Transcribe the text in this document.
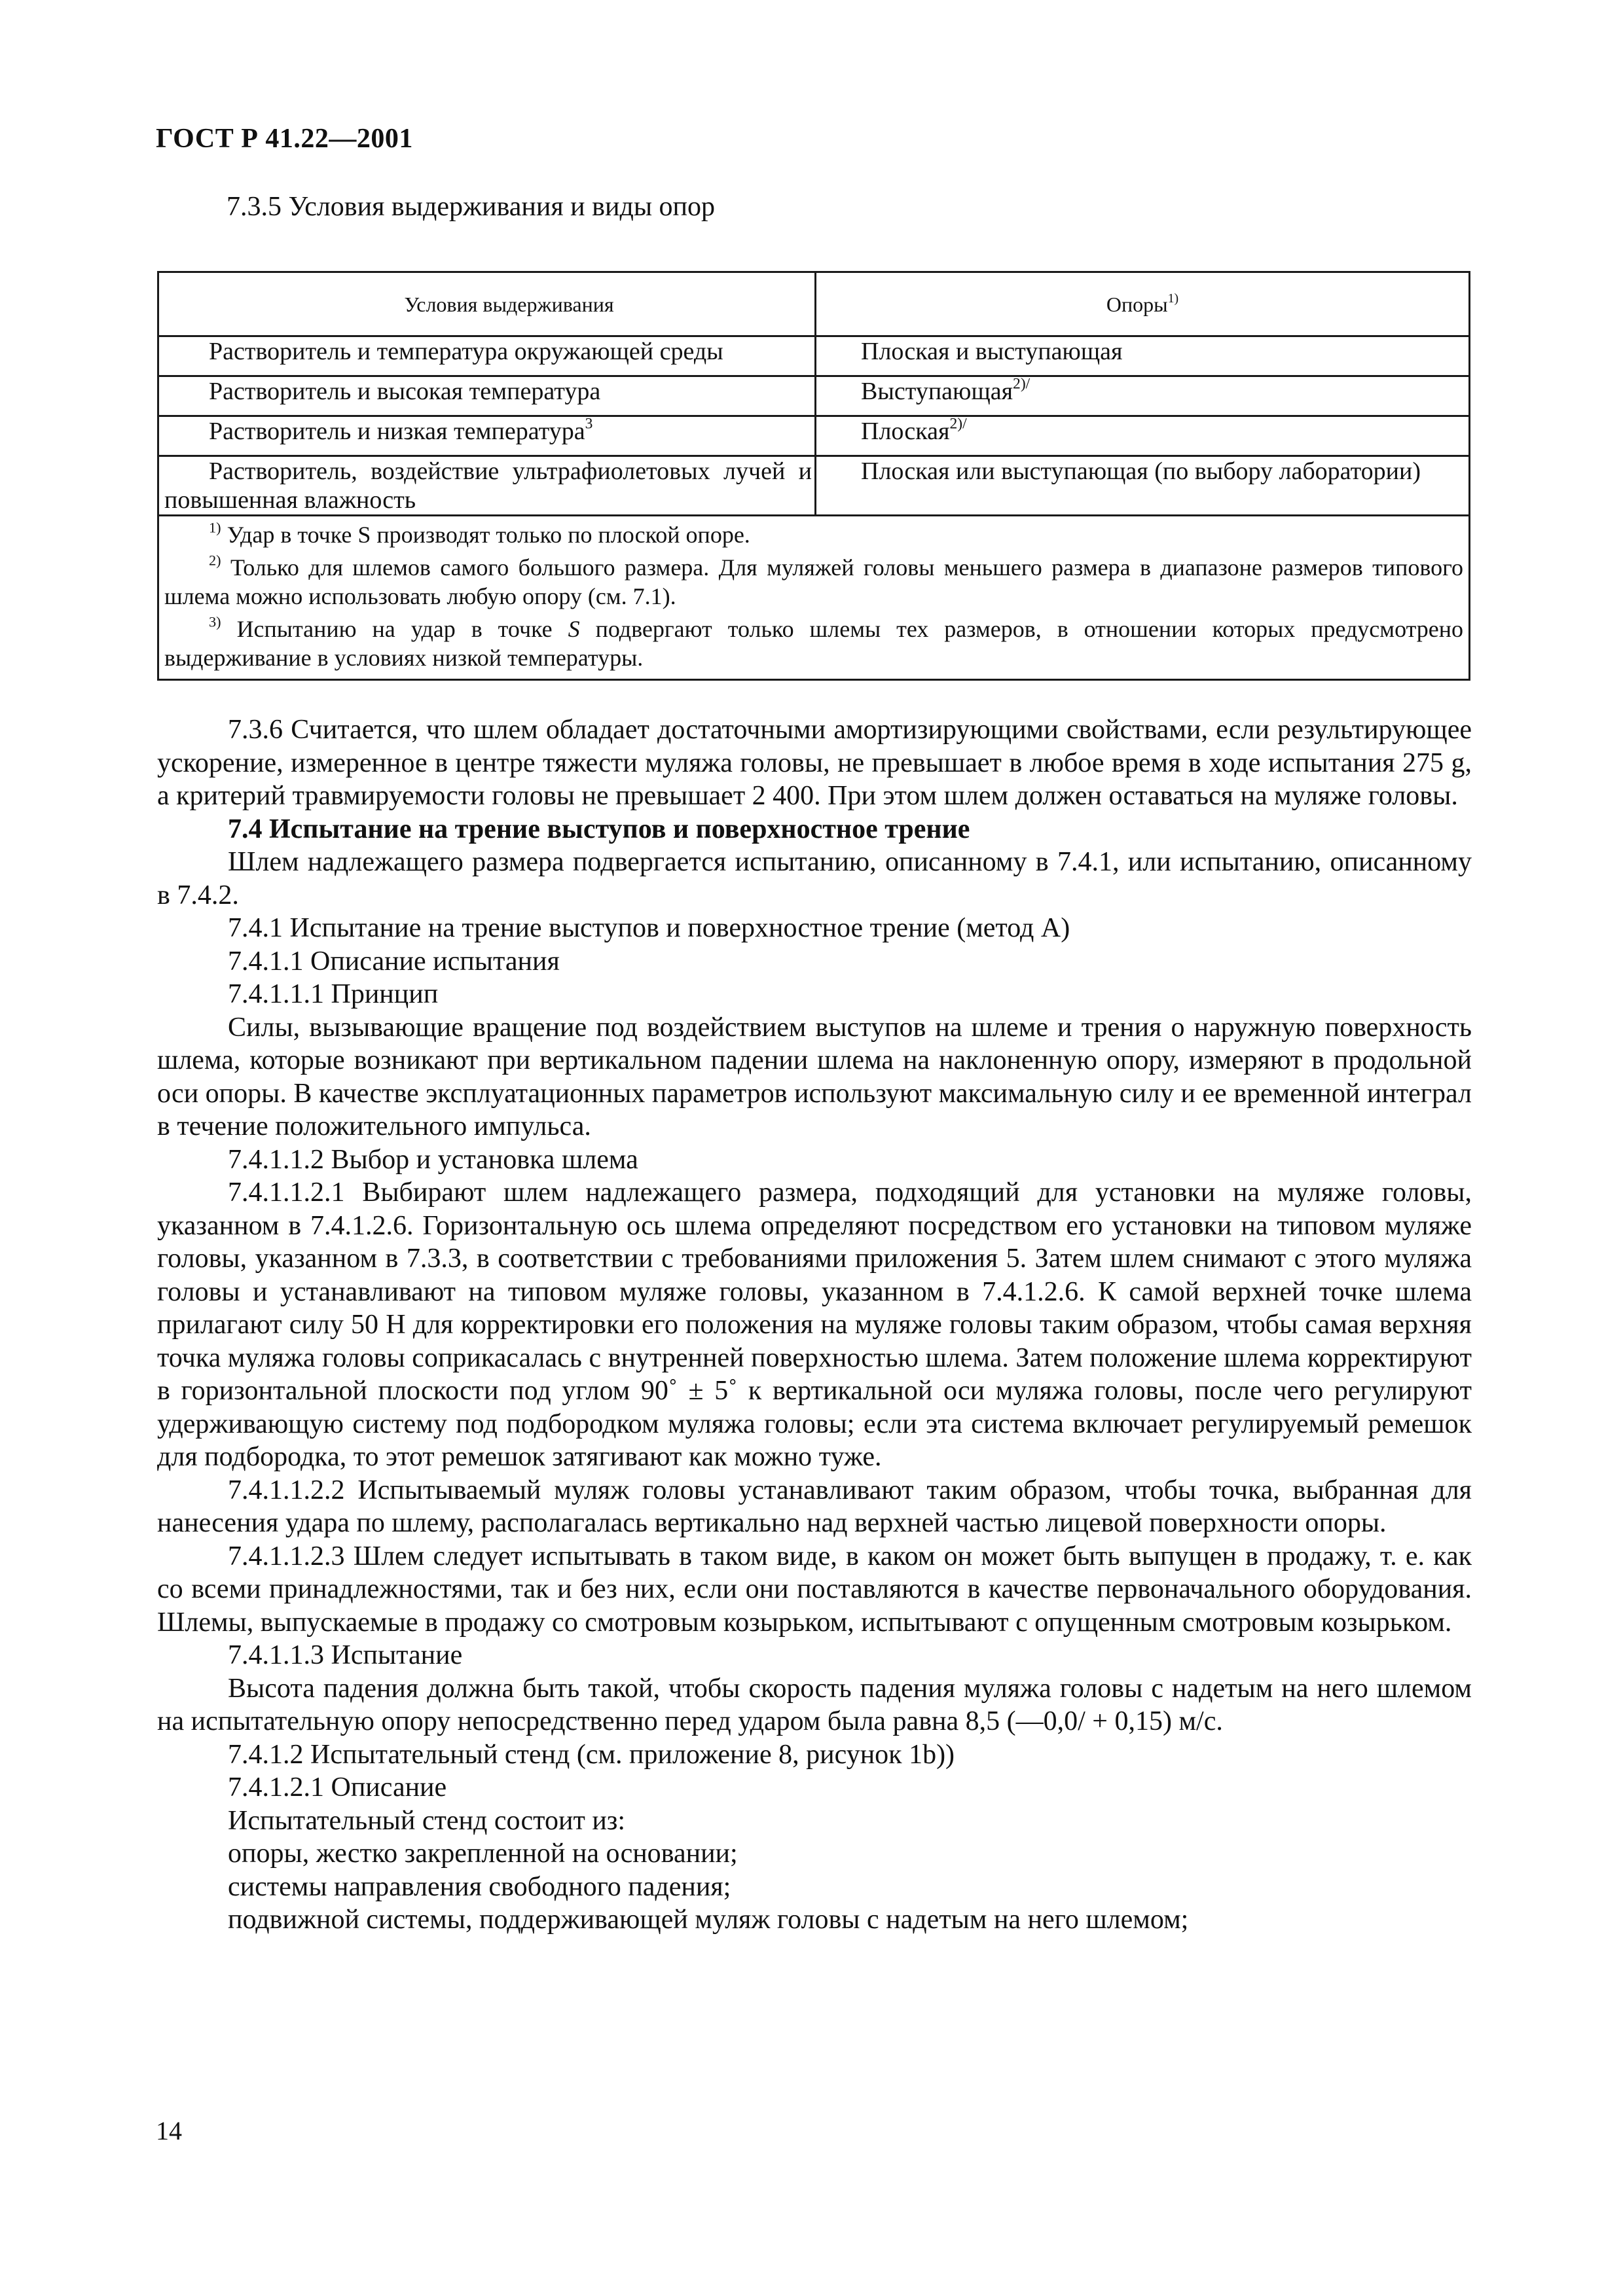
ГОСТ Р 41.22—2001
7.3.5 Условия выдерживания и виды опор
Условия выдерживания	Опоры$^{1)}$
Растворитель и температура окружающей среды	Плоская и выступающая
Растворитель и высокая температура	Выступающая$^{2)/}$
Растворитель и низкая температура$^3$	Плоская$^{2)/}$
Растворитель, воздействие ультрафиолетовых лучей и повышенная влажность	Плоская или выступающая (по выбору лаборатории)

$^{1)}$ Удар в точке S производят только по плоской опоре.

$^{2)}$ Только для шлемов самого большого размера. Для муляжей головы меньшего размера в диапазоне размеров типового шлема можно использовать любую опору (см. 7.1).

$^{3)}$ Испытанию на удар в точке S подвергают только шлемы тех размеров, в отношении которых предусмотрено выдерживание в условиях низкой температуры.	

7.3.6 Считается, что шлем обладает достаточными амортизирующими свойствами, если результирующее ускорение, измеренное в центре тяжести муляжа головы, не превышает в любое время в ходе испытания 275 g, а критерий травмируемости головы не превышает 2 400. При этом шлем должен оставаться на муляже головы.

7.4 Испытание на трение выступов и поверхностное трение

Шлем надлежащего размера подвергается испытанию, описанному в 7.4.1, или испытанию, описанному в 7.4.2.

7.4.1 Испытание на трение выступов и поверхностное трение (метод А)

7.4.1.1 Описание испытания

7.4.1.1.1 Принцип

Силы, вызывающие вращение под воздействием выступов на шлеме и трения о наружную поверхность шлема, которые возникают при вертикальном падении шлема на наклоненную опору, измеряют в продольной оси опоры. В качестве эксплуатационных параметров используют максимальную силу и ее временной интеграл в течение положительного импульса.

7.4.1.1.2 Выбор и установка шлема

7.4.1.1.2.1 Выбирают шлем надлежащего размера, подходящий для установки на муляже головы, указанном в 7.4.1.2.6. Горизонтальную ось шлема определяют посредством его установки на типовом муляже головы, указанном в 7.3.3, в соответствии с требованиями приложения 5. Затем шлем снимают с этого муляжа головы и устанавливают на типовом муляже головы, указанном в 7.4.1.2.6. К самой верхней точке шлема прилагают силу 50 Н для корректировки его положения на муляже головы таким образом, чтобы самая верхняя точка муляжа головы соприкасалась с внутренней поверхностью шлема. Затем положение шлема корректируют в горизонтальной плоскости под углом 90˚ ± 5˚ к вертикальной оси муляжа головы, после чего регулируют удерживающую систему под подбородком муляжа головы; если эта система включает регулируемый ремешок для подбородка, то этот ремешок затягивают как можно туже.

7.4.1.1.2.2 Испытываемый муляж головы устанавливают таким образом, чтобы точка, выбранная для нанесения удара по шлему, располагалась вертикально над верхней частью лицевой поверхности опоры.

7.4.1.1.2.3 Шлем следует испытывать в таком виде, в каком он может быть выпущен в продажу, т. е. как со всеми принадлежностями, так и без них, если они поставляются в качестве первоначального оборудования. Шлемы, выпускаемые в продажу со смотровым козырьком, испытывают с опущенным смотровым козырьком.

7.4.1.1.3 Испытание

Высота падения должна быть такой, чтобы скорость падения муляжа головы с надетым на него шлемом на испытательную опору непосредственно перед ударом была равна 8,5 (—0,0/ + 0,15) м/с.

7.4.1.2 Испытательный стенд (см. приложение 8, рисунок 1b))

7.4.1.2.1 Описание

Испытательный стенд состоит из:

опоры, жестко закрепленной на основании;

системы направления свободного падения;

подвижной системы, поддерживающей муляж головы с надетым на него шлемом;

14
